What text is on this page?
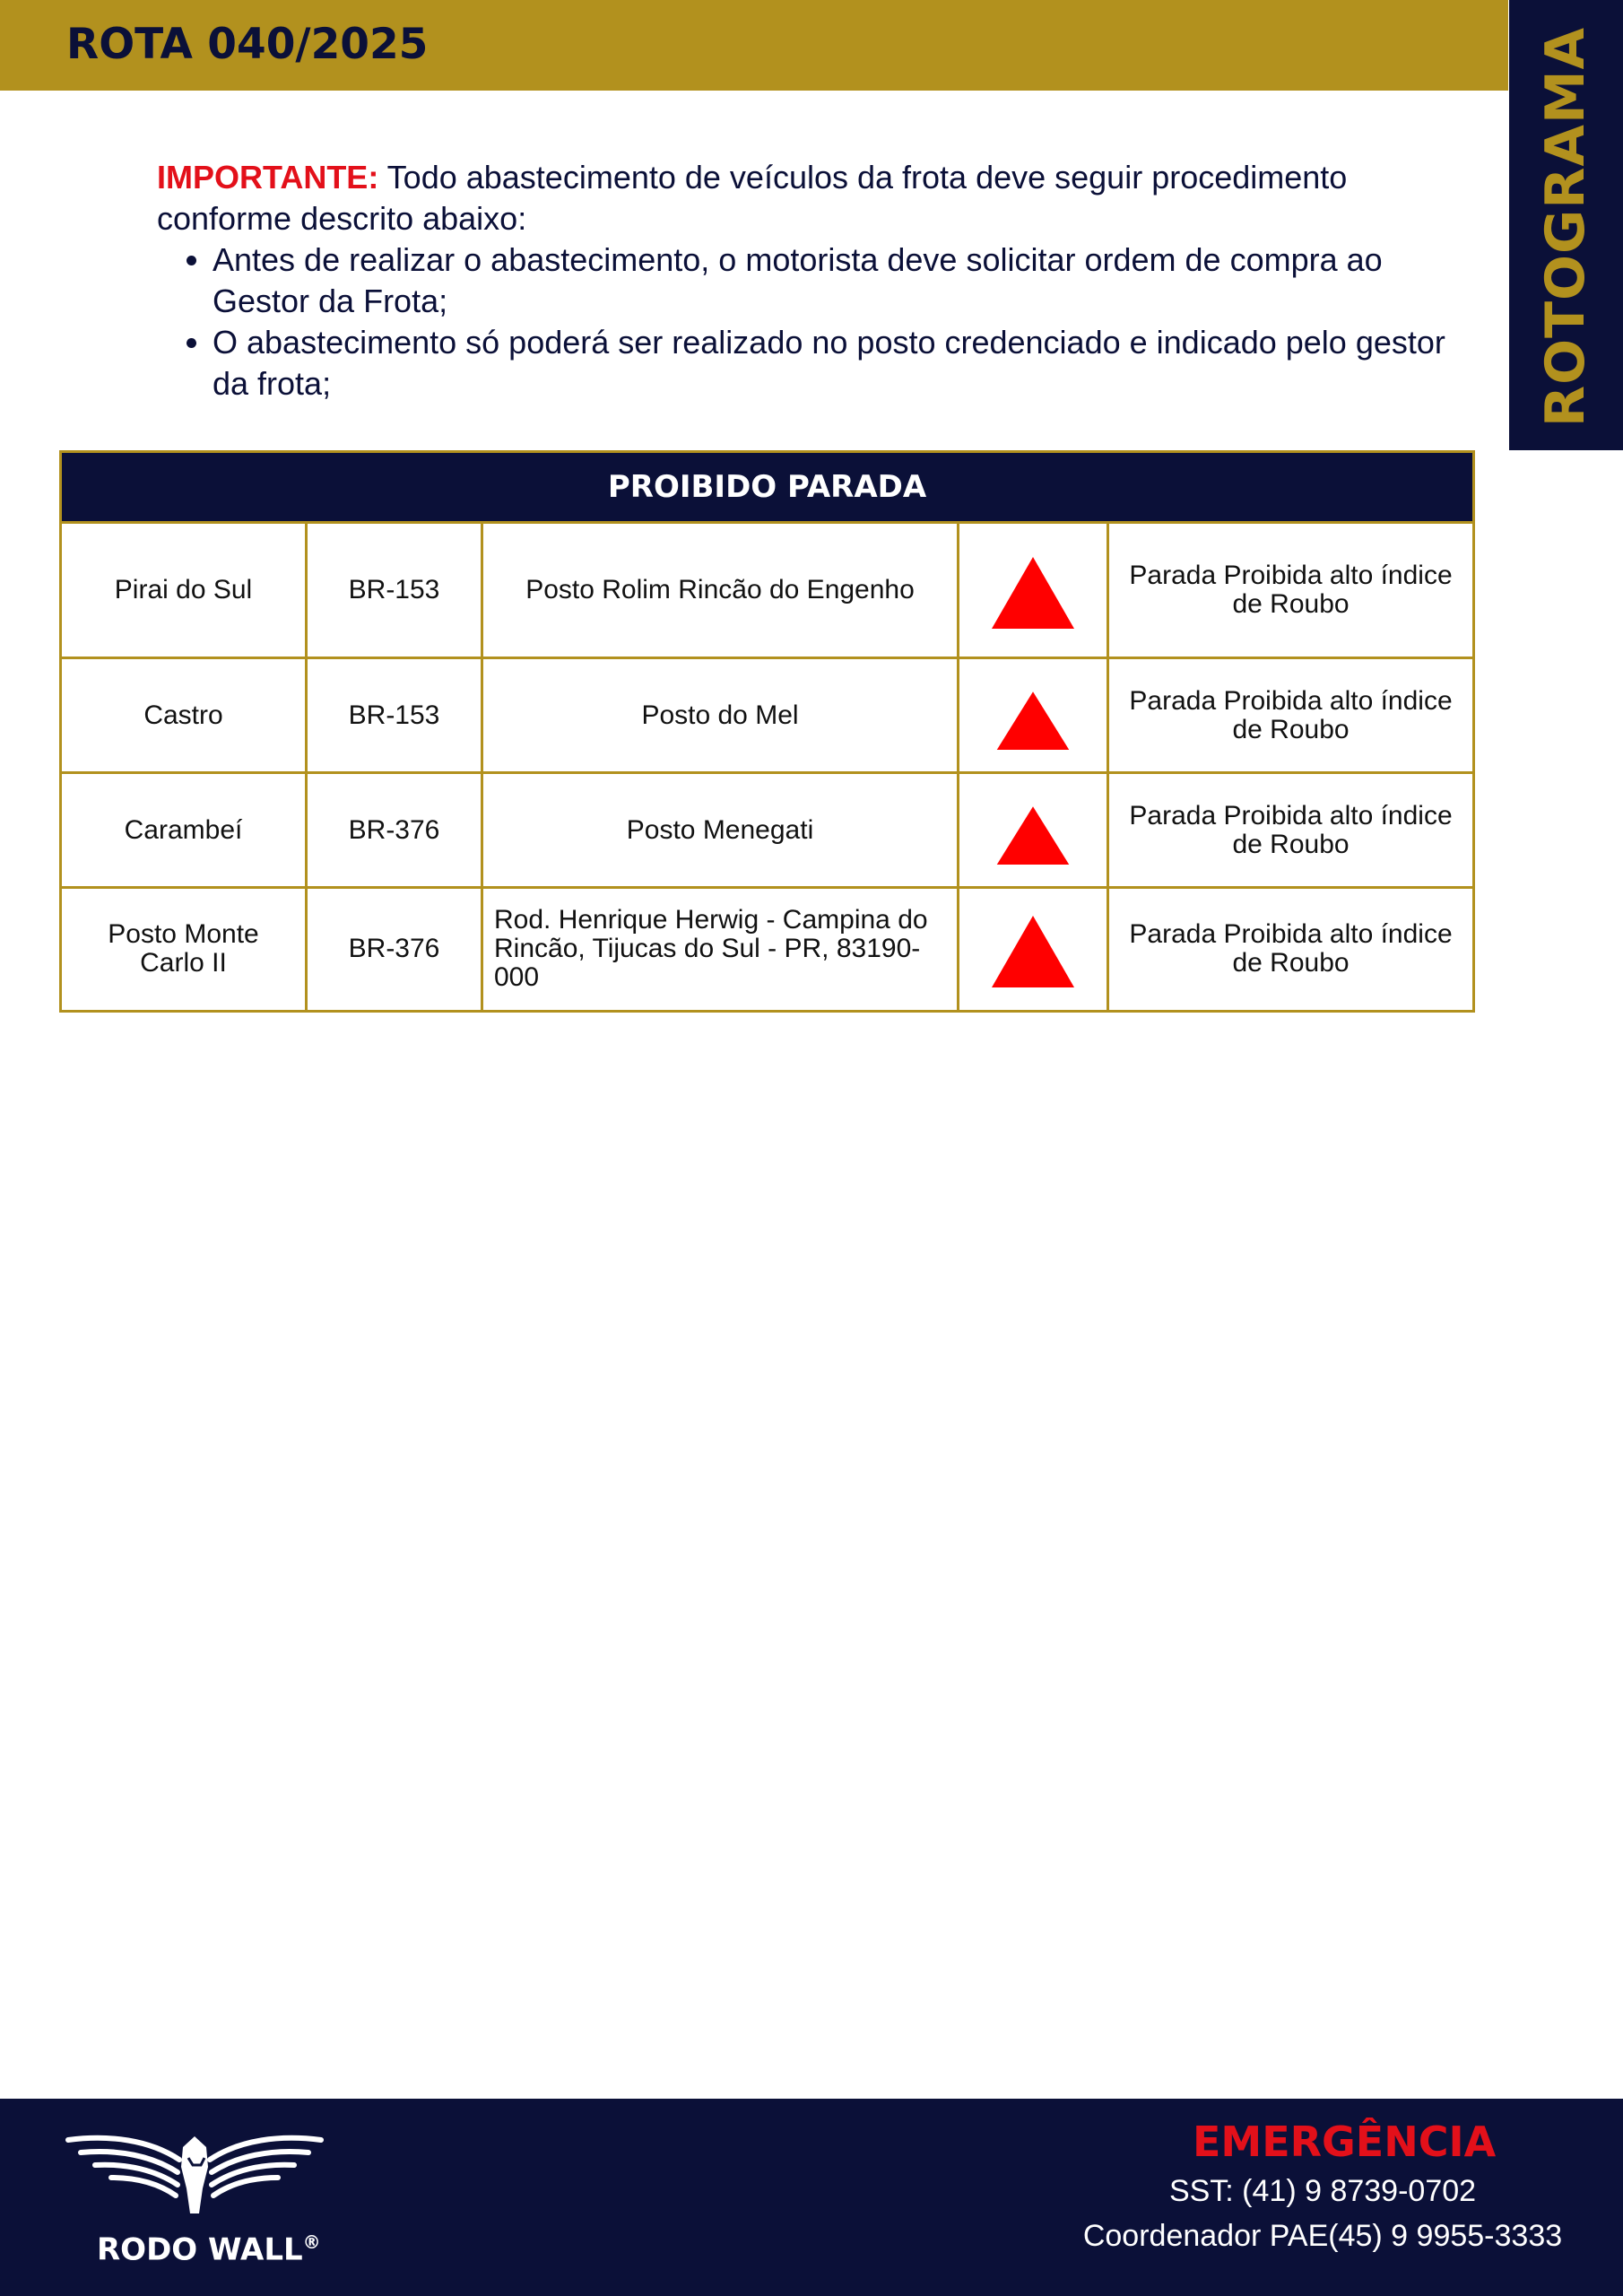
ROTA 040/2025	ROTOGRAMA

IMPORTANTE: Todo abastecimento de veículos da frota deve seguir procedimento conforme descrito abaixo:

• Antes de realizar o abastecimento, o motorista deve solicitar ordem de compra ao Gestor da Frota;
• O abastecimento só poderá ser realizado no posto credenciado e indicado pelo gestor da frota;
PROIBIDO PARADA				
Pirai do Sul	BR-153	Posto Rolim Rincão do Engenho		Parada Proibida alto índice de Roubo
Castro	BR-153	Posto do Mel		Parada Proibida alto índice de Roubo
Carambeí	BR-376	Posto Menegati		Parada Proibida alto índice de Roubo
Posto Monte Carlo II	BR-376	Rod. Henrique Herwig - Campina do Rincão, Tijucas do Sul - PR, 83190-000		Parada Proibida alto índice de Roubo
RODO WALL®
EMERGÊNCIA
SST: (41) 9 8739-0702
Coordenador PAE(45) 9 9955-3333
